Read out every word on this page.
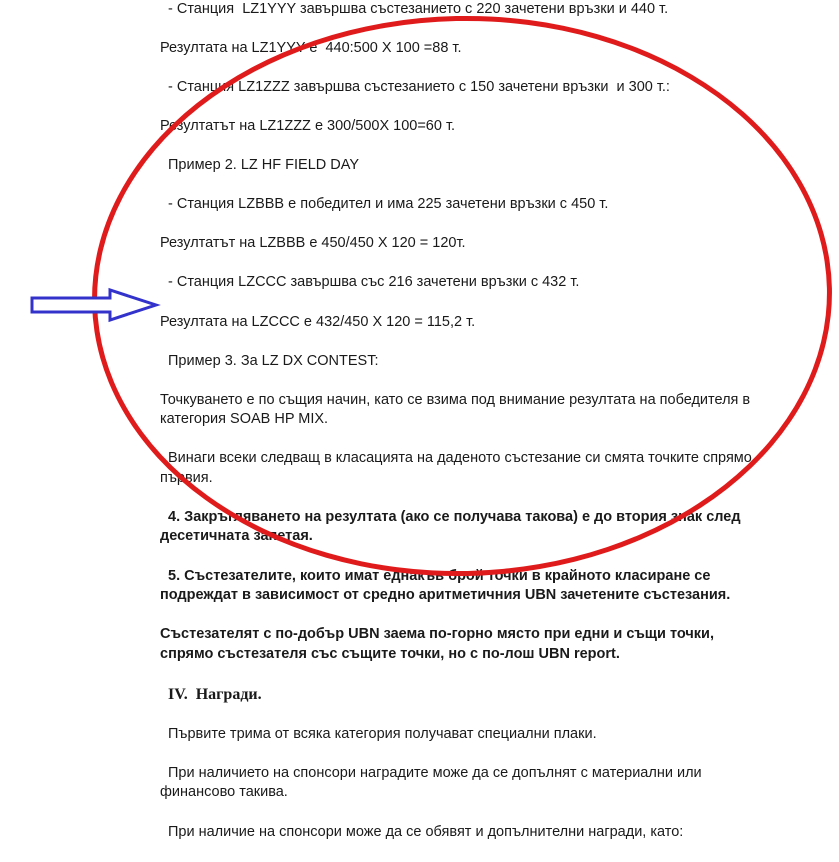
- Станция  LZ1YYY завършва състезанието с 220 зачетени връзки и 440 т.

Резултата на LZ1YYY е  440:500 Х 100 =88 т.

- Станция LZ1ZZZ завършва състезанието с 150 зачетени връзки  и 300 т.:

Резултатът на LZ1ZZZ е 300/500Х 100=60 т.

Пример 2. LZ HF FIELD DAY

- Станция LZBBB е победител и има 225 зачетени връзки с 450 т.

Резултатът на LZBBB е 450/450 Х 120 = 120т.

- Станция LZCCC завършва със 216 зачетени връзки с 432 т.

Резултата на LZCCC е 432/450 Х 120 = 115,2 т.

Пример 3. За LZ DX CONTEST:

Точкуването е по същия начин, като се взима под внимание резултата на победителя в категория SOAB HP MIX.

Винаги всеки следващ в класацията на даденото състезание си смята точките спрямо първия.

4. Закръгляването на резултата (ако се получава такова) е до втория знак след десетичната запетая.

5. Състезателите, които имат еднакъв брой точки в крайното класиране се подреждат в зависимост от средно аритметичния UBN зачетените състезания.

Състезателят с по-добър UBN заема по-горно място при едни и същи точки, спрямо състезателя със същите точки, но с по-лош UBN report.

IV.  Награди.

Първите трима от всяка категория получават специални плаки.

При наличието на спонсори наградите може да се допълнят с материални или финансово такива.

При наличие на спонсори може да се обявят и допълнителни награди, като:
